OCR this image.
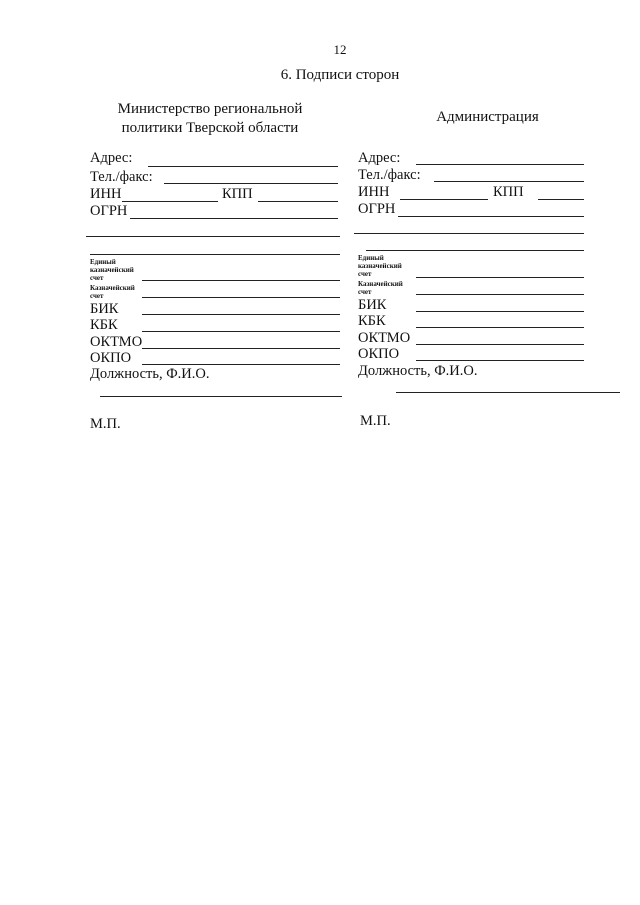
12
6. Подписи сторон
Министерство региональной
политики Тверской области
Адрес:
Тел./факс:
ИНН	КПП
ОГРН
Единый
казначейский
счет
Казначейский
счет
БИК
КБК
ОКТМО
ОКПО
Должность, Ф.И.О.
М.П.
Администрация
Адрес:
Тел./факс:
ИНН	КПП
ОГРН
Единый
казначейский
счет
Казначейский
счет
БИК
КБК
ОКТМО
ОКПО
Должность, Ф.И.О.
М.П.
